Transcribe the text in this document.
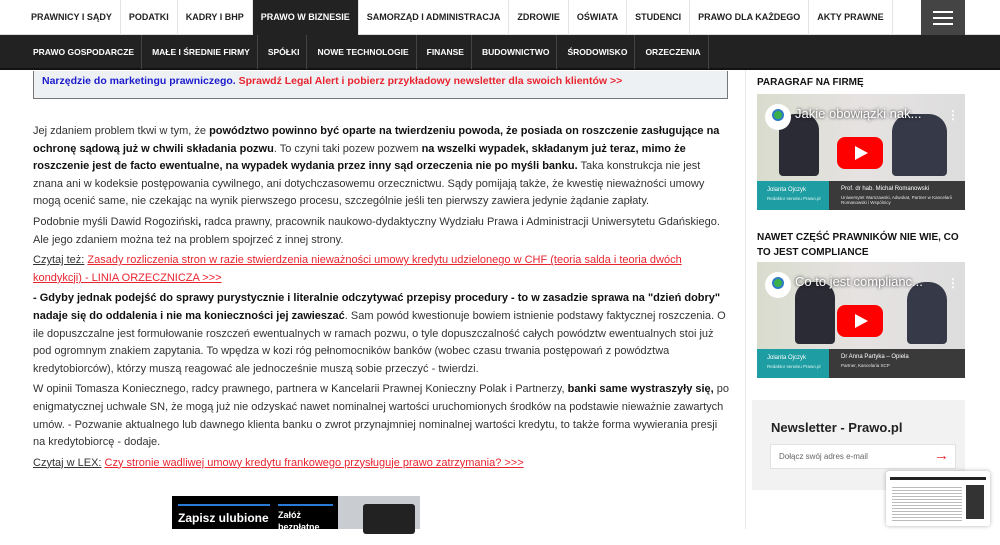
PRAWNICY I SĄDY	PODATKI	KADRY I BHP	PRAWO W BIZNESIE	SAMORZĄD I ADMINISTRACJA	ZDROWIE	OŚWIATA	STUDENCI	PRAWO DLA KAŻDEGO	AKTY PRAWNE
PRAWO GOSPODARCZE	MAŁE I ŚREDNIE FIRMY	SPÓŁKI	NOWE TECHNOLOGIE	FINANSE	BUDOWNICTWO	ŚRODOWISKO	ORZECZENIA
Narzędzie do marketingu prawniczego. Sprawdź Legal Alert i pobierz przykładowy newsletter dla swoich klientów >>

Jej zdaniem problem tkwi w tym, że powództwo powinno być oparte na twierdzeniu powoda, że posiada on roszczenie zasługujące na ochronę sądową już w chwili składania pozwu. To czyni taki pozew pozwem na wszelki wypadek, składanym już teraz, mimo że roszczenie jest de facto ewentualne, na wypadek wydania przez inny sąd orzeczenia nie po myśli banku. Taka konstrukcja nie jest znana ani w kodeksie postępowania cywilnego, ani dotychczasowemu orzecznictwu. Sądy pomijają także, że kwestię nieważności umowy mogą ocenić same, nie czekając na wynik pierwszego procesu, szczególnie jeśli ten pierwszy zawiera jedynie żądanie zapłaty.

Podobnie myśli Dawid Rogoziński, radca prawny, pracownik naukowo-dydaktyczny Wydziału Prawa i Administracji Uniwersytetu Gdańskiego. Ale jego zdaniem można też na problem spojrzeć z innej strony.

Czytaj też: Zasady rozliczenia stron w razie stwierdzenia nieważności umowy kredytu udzielonego w CHF (teoria salda i teoria dwóch kondykcji) - LINIA ORZECZNICZA >>>

- Gdyby jednak podejść do sprawy purystycznie i literalnie odczytywać przepisy procedury - to w zasadzie sprawa na "dzień dobry" nadaje się do oddalenia i nie ma konieczności jej zawieszać. Sam powód kwestionuje bowiem istnienie podstawy faktycznej roszczenia. O ile dopuszczalne jest formułowanie roszczeń ewentualnych w ramach pozwu, o tyle dopuszczalność całych powództw ewentualnych stoi już pod ogromnym znakiem zapytania. To wpędza w kozi róg pełnomocników banków (wobec czasu trwania postępowań z powództwa kredytobiorców), którzy muszą reagować ale jednocześnie muszą sobie przeczyć - twierdzi.

W opinii Tomasza Koniecznego, radcy prawnego, partnera w Kancelarii Prawnej Konieczny Polak i Partnerzy, banki same wystraszyły się, po enigmatycznej uchwale SN, że mogą już nie odzyskać nawet nominalnej wartości uruchomionych środków na podstawie nieważnie zawartych umów. - Pozwanie aktualnego lub dawnego klienta banku o zwrot przynajmniej nominalnej wartości kredytu, to także forma wywierania presji na kredytobiorcę - dodaje.

Czytaj w LEX: Czy stronie wadliwej umowy kredytu frankowego przysługuje prawo zatrzymania? >>>

PARAGRAF NA FIRMĘ
Jakie obowiązki nak...	⋮
Jolanta Ojczyk
Redaktor serwisu Prawo.pl
Prof. dr hab. Michał Romanowski
Uniwersytet Warszawski, Adwokat, Partner w Kancelarii Romanowski i Wspólnicy
NAWET CZĘŚĆ PRAWNIKÓW NIE WIE, CO TO JEST COMPLIANCE
Co to jest complianc...	⋮
Jolanta Ojczyk
Redaktor serwisu Prawo.pl
Dr Anna Partyka – Opiela
Partner, Kancelaria SCP
Newsletter - Prawo.pl
Dołącz swój adres e-mail	→
Zapisz ulubione	Załóż bezpłatne konto
